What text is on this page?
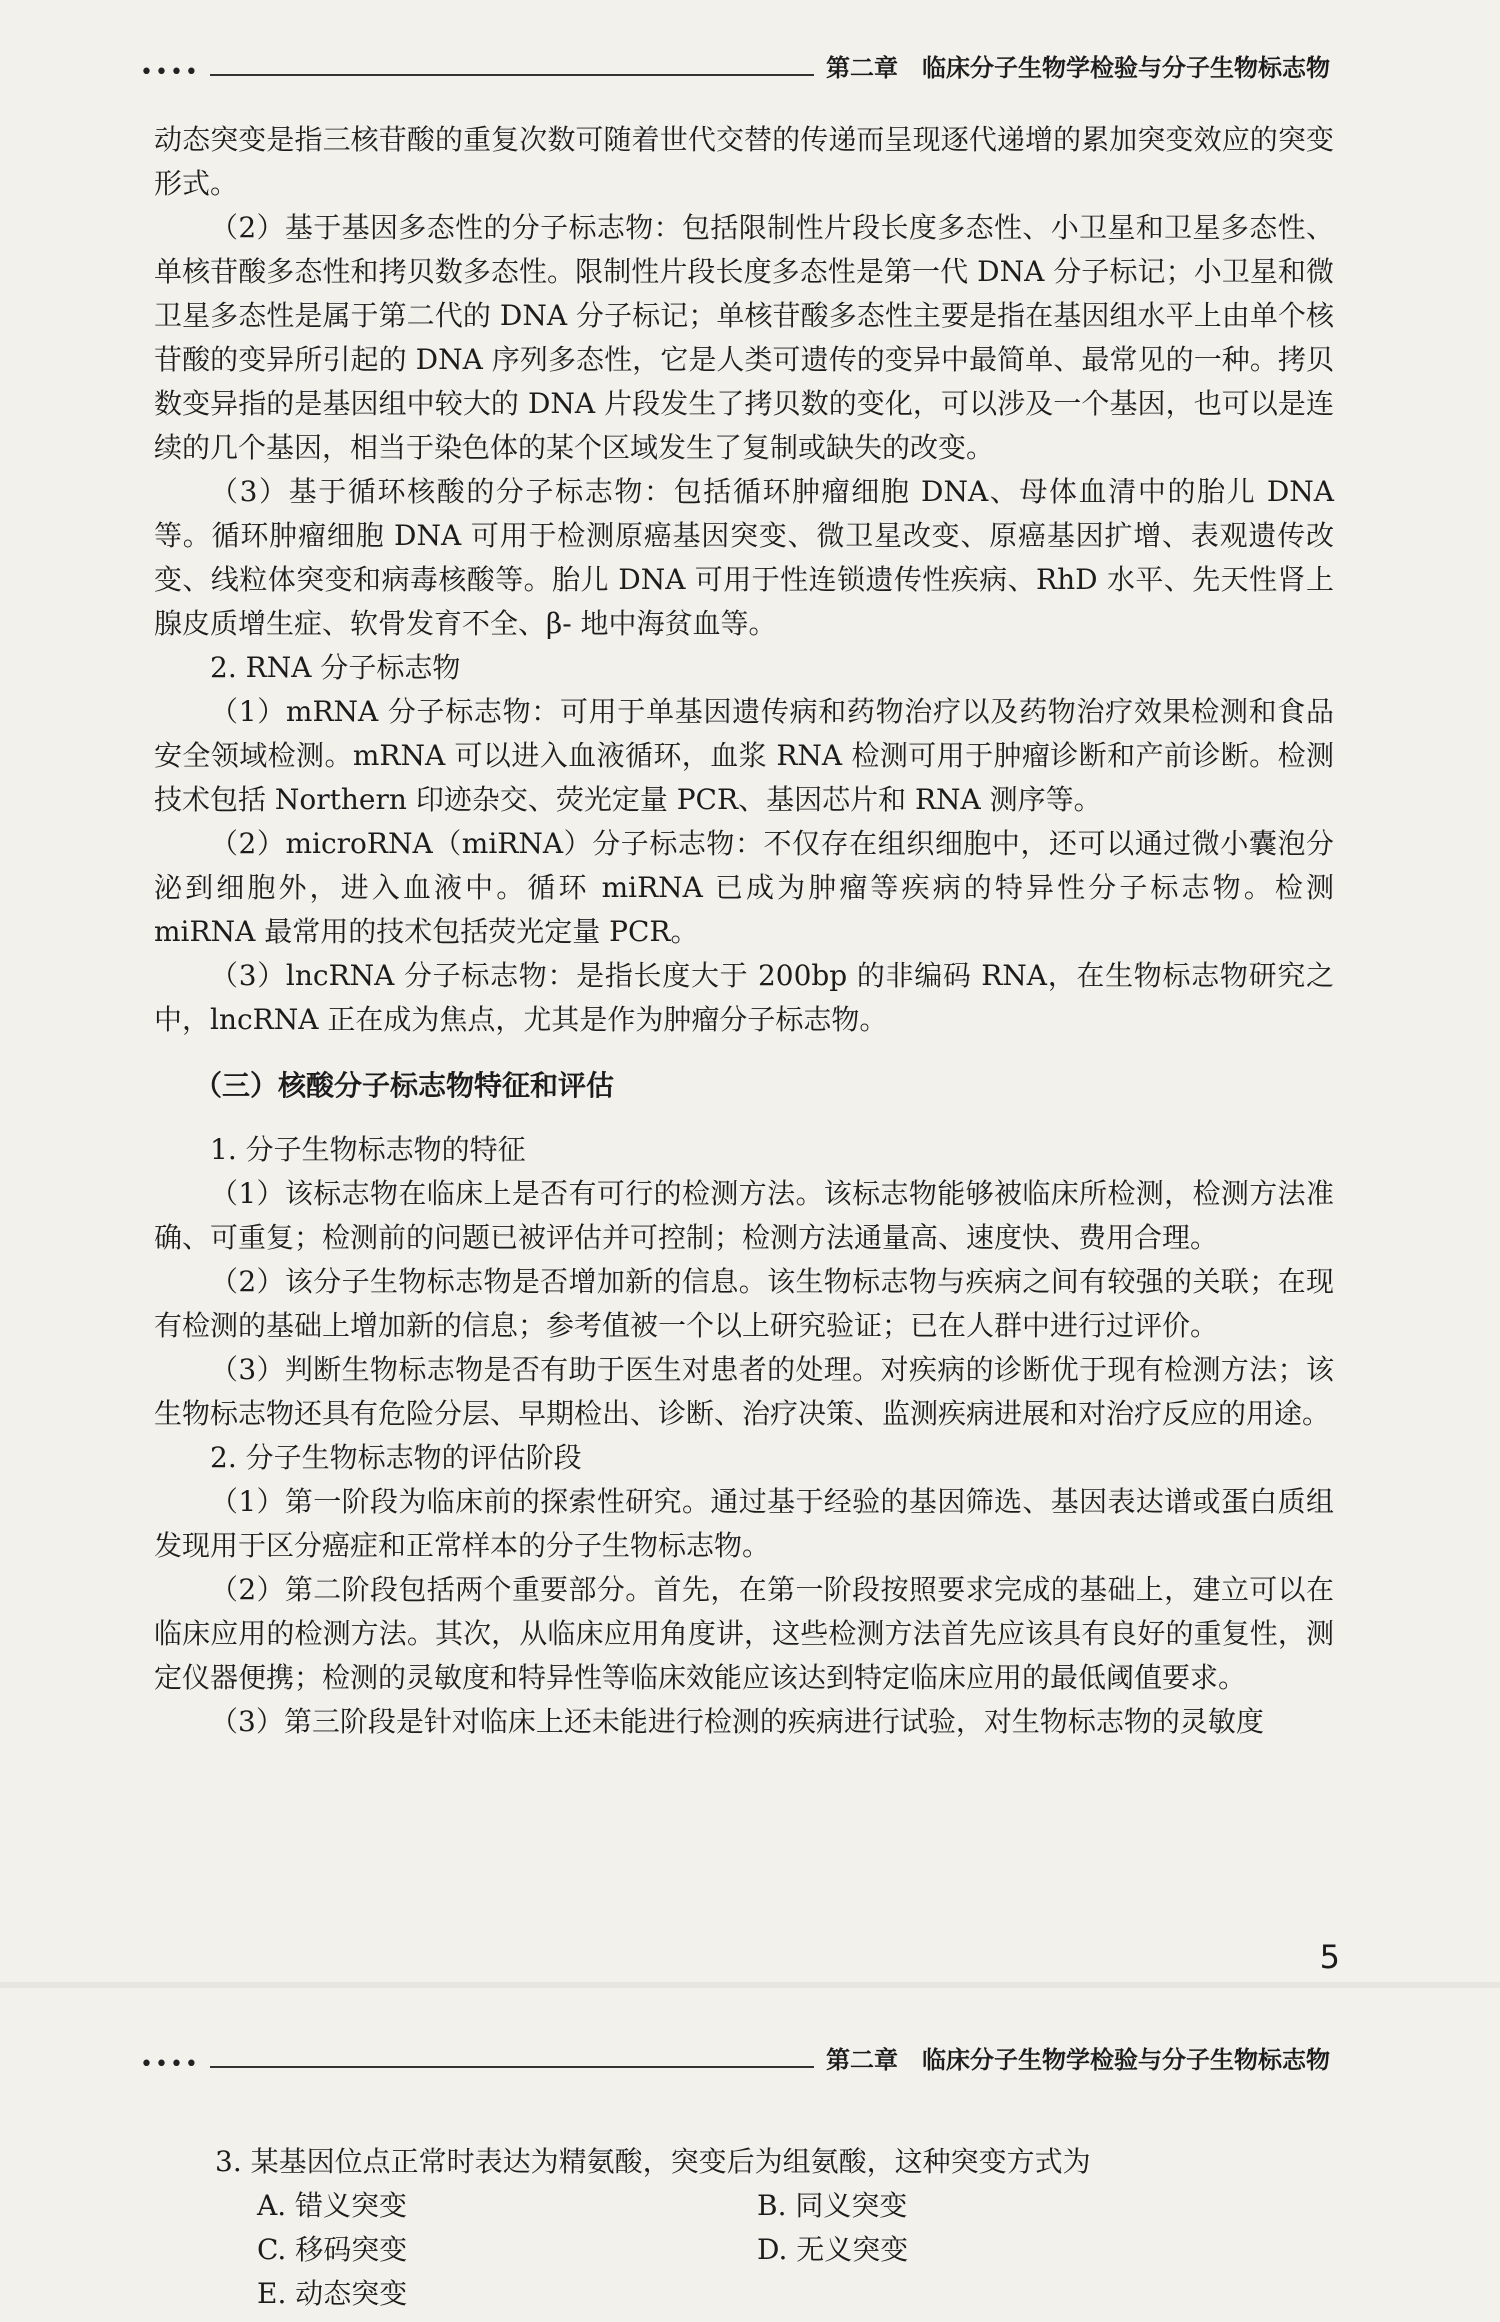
••••	第二章　临床分子生物学检验与分子生物标志物

动态突变是指三核苷酸的重复次数可随着世代交替的传递而呈现逐代递增的累加突变效应的突变形式。

（2）基于基因多态性的分子标志物：包括限制性片段长度多态性、小卫星和卫星多态性、单核苷酸多态性和拷贝数多态性。限制性片段长度多态性是第一代 DNA 分子标记；小卫星和微卫星多态性是属于第二代的 DNA 分子标记；单核苷酸多态性主要是指在基因组水平上由单个核苷酸的变异所引起的 DNA 序列多态性，它是人类可遗传的变异中最简单、最常见的一种。拷贝数变异指的是基因组中较大的 DNA 片段发生了拷贝数的变化，可以涉及一个基因，也可以是连续的几个基因，相当于染色体的某个区域发生了复制或缺失的改变。

（3）基于循环核酸的分子标志物：包括循环肿瘤细胞 DNA、母体血清中的胎儿 DNA 等。循环肿瘤细胞 DNA 可用于检测原癌基因突变、微卫星改变、原癌基因扩增、表观遗传改变、线粒体突变和病毒核酸等。胎儿 DNA 可用于性连锁遗传性疾病、RhD 水平、先天性肾上腺皮质增生症、软骨发育不全、β- 地中海贫血等。

2. RNA 分子标志物

（1）mRNA 分子标志物：可用于单基因遗传病和药物治疗以及药物治疗效果检测和食品安全领域检测。mRNA 可以进入血液循环，血浆 RNA 检测可用于肿瘤诊断和产前诊断。检测技术包括 Northern 印迹杂交、荧光定量 PCR、基因芯片和 RNA 测序等。

（2）microRNA（miRNA）分子标志物：不仅存在组织细胞中，还可以通过微小囊泡分泌到细胞外，进入血液中。循环 miRNA 已成为肿瘤等疾病的特异性分子标志物。检测 miRNA 最常用的技术包括荧光定量 PCR。

（3）lncRNA 分子标志物：是指长度大于 200bp 的非编码 RNA，在生物标志物研究之中，lncRNA 正在成为焦点，尤其是作为肿瘤分子标志物。

（三）核酸分子标志物特征和评估

1. 分子生物标志物的特征

（1）该标志物在临床上是否有可行的检测方法。该标志物能够被临床所检测，检测方法准确、可重复；检测前的问题已被评估并可控制；检测方法通量高、速度快、费用合理。

（2）该分子生物标志物是否增加新的信息。该生物标志物与疾病之间有较强的关联；在现有检测的基础上增加新的信息；参考值被一个以上研究验证；已在人群中进行过评价。

（3）判断生物标志物是否有助于医生对患者的处理。对疾病的诊断优于现有检测方法；该生物标志物还具有危险分层、早期检出、诊断、治疗决策、监测疾病进展和对治疗反应的用途。

2. 分子生物标志物的评估阶段

（1）第一阶段为临床前的探索性研究。通过基于经验的基因筛选、基因表达谱或蛋白质组发现用于区分癌症和正常样本的分子生物标志物。

（2）第二阶段包括两个重要部分。首先，在第一阶段按照要求完成的基础上，建立可以在临床应用的检测方法。其次，从临床应用角度讲，这些检测方法首先应该具有良好的重复性，测定仪器便携；检测的灵敏度和特异性等临床效能应该达到特定临床应用的最低阈值要求。

（3）第三阶段是针对临床上还未能进行检测的疾病进行试验，对生物标志物的灵敏度

5
••••	第二章　临床分子生物学检验与分子生物标志物

3. 某基因位点正常时表达为精氨酸，突变后为组氨酸，这种突变方式为

A. 错义突变	B. 同义突变
C. 移码突变	D. 无义突变
E. 动态突变
